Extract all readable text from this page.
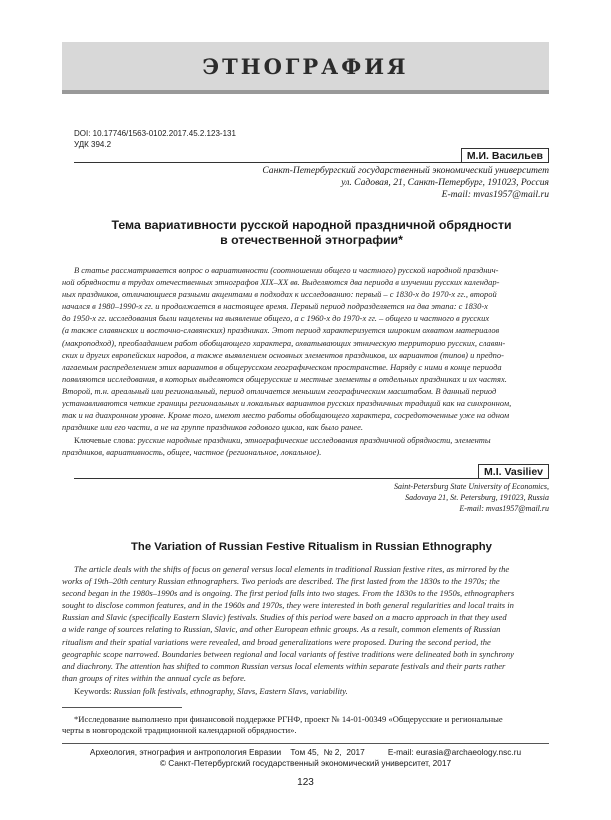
ЭТНОГРАФИЯ
DOI: 10.17746/1563-0102.2017.45.2.123-131
УДК 394.2
М.И. Васильев
Санкт-Петербургский государственный экономический университет
ул. Садовая, 21, Санкт-Петербург, 191023, Россия
E-mail: mvas1957@mail.ru
Тема вариативности русской народной праздничной обрядности
в отечественной этнографии*
В статье рассматривается вопрос о вариативности (соотношении общего и частного) русской народной празднич-
ной обрядности в трудах отечественных этнографов XIX–XX вв. Выделяются два периода в изучении русских календар-
ных праздников, отличающиеся разными акцентами в подходах к исследованию: первый – с 1830-х до 1970-х гг., второй
начался в 1980–1990-х гг. и продолжается в настоящее время. Первый период подразделяется на два этапа: с 1830-х
до 1950-х гг. исследования были нацелены на выявление общего, а с 1960-х до 1970-х гг. – общего и частного в русских
(а также славянских и восточно-славянских) праздниках. Этот период характеризуется широким охватом материалов
(макроподход), преобладанием работ обобщающего характера, охватывающих этническую территорию русских, славян-
ских и других европейских народов, а также выявлением основных элементов праздников, их вариантов (типов) и предпо-
лагаемым распределением этих вариантов в общерусском географическом пространстве. Наряду с ними в конце периода
появляются исследования, в которых выделяются общерусские и местные элементы в отдельных праздниках и их частях.
Второй, т.н. ареальный или региональный, период отличается меньшим географическим масштабом. В данный период
устанавливаются четкие границы региональных и локальных вариантов русских праздничных традиций как на синхронном,
так и на диахронном уровне. Кроме того, имеют место работы обобщающего характера, сосредоточенные уже на одном
празднике или его части, а не на группе праздников годового цикла, как было ранее.
Ключевые слова: русские народные праздники, этнографические исследования праздничной обрядности, элементы
праздников, вариативность, общее, частное (региональное, локальное).
M.I. Vasiliev
Saint-Petersburg State University of Economics,
Sadovaya 21, St. Petersburg, 191023, Russia
E-mail: mvas1957@mail.ru
The Variation of Russian Festive Ritualism in Russian Ethnography
The article deals with the shifts of focus on general versus local elements in traditional Russian festive rites, as mirrored by the
works of 19th–20th century Russian ethnographers. Two periods are described. The first lasted from the 1830s to the 1970s; the
second began in the 1980s–1990s and is ongoing. The first period falls into two stages. From the 1830s to the 1950s, ethnographers
sought to disclose common features, and in the 1960s and 1970s, they were interested in both general regularities and local traits in
Russian and Slavic (specifically Eastern Slavic) festivals. Studies of this period were based on a macro approach in that they used
a wide range of sources relating to Russian, Slavic, and other European ethnic groups. As a result, common elements of Russian
ritualism and their spatial variations were revealed, and broad generalizations were proposed. During the second period, the
geographic scope narrowed. Boundaries between regional and local variants of festive traditions were delineated both in synchrony
and diachrony. The attention has shifted to common Russian versus local elements within separate festivals and their parts rather
than groups of rites within the annual cycle as before.
Keywords: Russian folk festivals, ethnography, Slavs, Eastern Slavs, variability.
*Исследование выполнено при финансовой поддержке РГНФ, проект № 14-01-00349 «Общерусские и региональные
черты в новгородской традиционной календарной обрядности».
Археология, этнография и антропология Евразии    Том 45,  № 2,  2017          E-mail: eurasia@archaeology.nsc.ru
© Санкт-Петербургский государственный экономический университет, 2017
123
